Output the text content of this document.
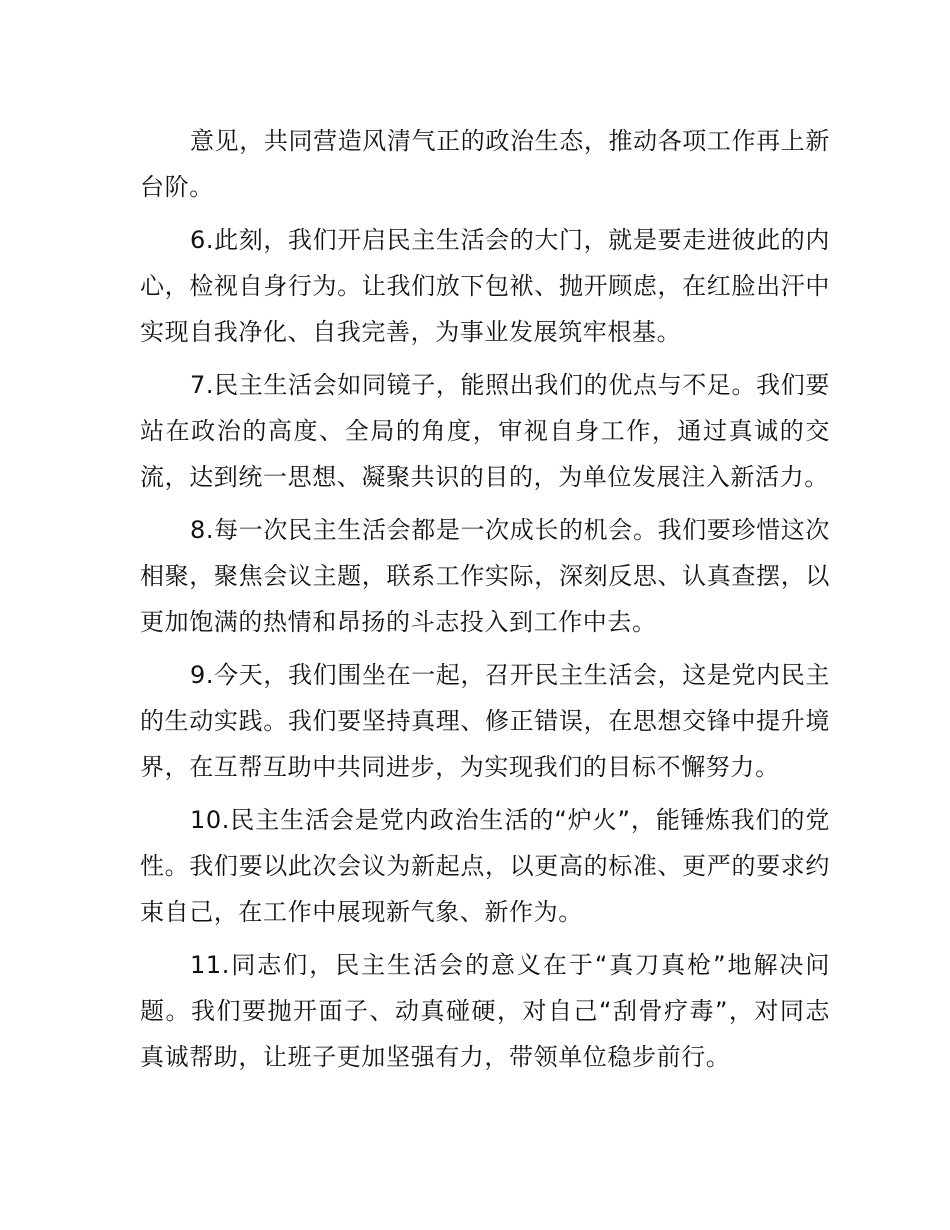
意见，共同营造风清气正的政治生态，推动各项工作再上新台阶。

6.此刻，我们开启民主生活会的大门，就是要走进彼此的内心，检视自身行为。让我们放下包袱、抛开顾虑，在红脸出汗中实现自我净化、自我完善，为事业发展筑牢根基。

7.民主生活会如同镜子，能照出我们的优点与不足。我们要站在政治的高度、全局的角度，审视自身工作，通过真诚的交流，达到统一思想、凝聚共识的目的，为单位发展注入新活力。

8.每一次民主生活会都是一次成长的机会。我们要珍惜这次相聚，聚焦会议主题，联系工作实际，深刻反思、认真查摆，以更加饱满的热情和昂扬的斗志投入到工作中去。

9.今天，我们围坐在一起，召开民主生活会，这是党内民主的生动实践。我们要坚持真理、修正错误，在思想交锋中提升境界，在互帮互助中共同进步，为实现我们的目标不懈努力。

10.民主生活会是党内政治生活的“炉火”，能锤炼我们的党性。我们要以此次会议为新起点，以更高的标准、更严的要求约束自己，在工作中展现新气象、新作为。

11.同志们，民主生活会的意义在于“真刀真枪”地解决问题。我们要抛开面子、动真碰硬，对自己“刮骨疗毒”，对同志真诚帮助，让班子更加坚强有力，带领单位稳步前行。
